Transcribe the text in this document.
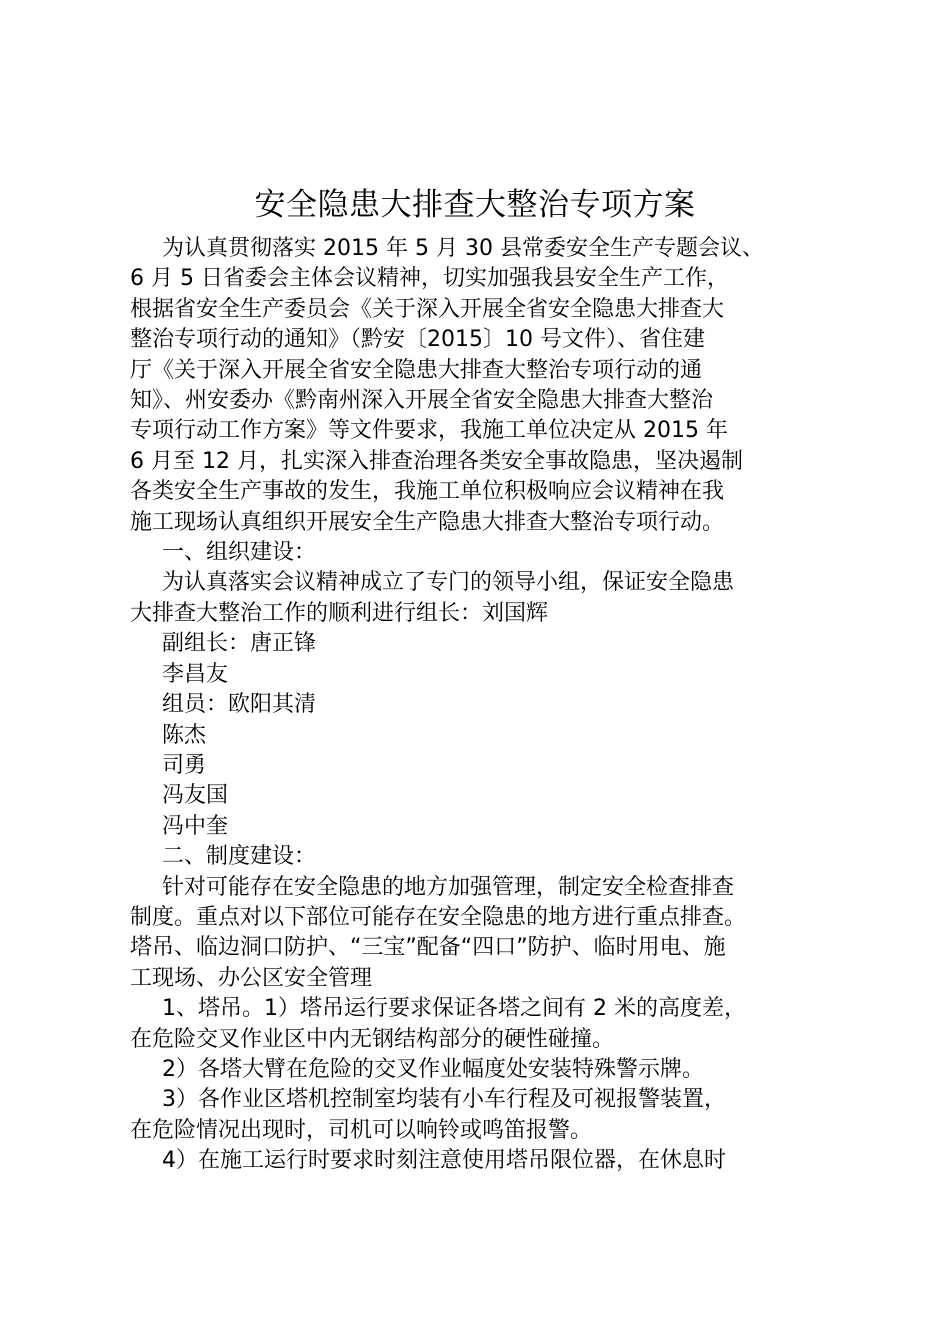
安全隐患大排查大整治专项方案

为认真贯彻落实 2015 年 5 月 30 县常委安全生产专题会议、

6 月 5 日省委会主体会议精神，切实加强我县安全生产工作，

根据省安全生产委员会《关于深入开展全省安全隐患大排查大

整治专项行动的通知》（黔安〔2015〕10 号文件）、省住建

厅《关于深入开展全省安全隐患大排查大整治专项行动的通

知》、州安委办《黔南州深入开展全省安全隐患大排查大整治

专项行动工作方案》等文件要求，我施工单位决定从 2015 年

6 月至 12 月，扎实深入排查治理各类安全事故隐患，坚决遏制

各类安全生产事故的发生，我施工单位积极响应会议精神在我

施工现场认真组织开展安全生产隐患大排查大整治专项行动。

一、组织建设：

为认真落实会议精神成立了专门的领导小组，保证安全隐患

大排查大整治工作的顺利进行组长：刘国辉

副组长：唐正锋

李昌友

组员：欧阳其清

陈杰

司勇

冯友国

冯中奎

二、制度建设：

针对可能存在安全隐患的地方加强管理，制定安全检查排查

制度。重点对以下部位可能存在安全隐患的地方进行重点排查。

塔吊、临边洞口防护、“三宝”配备“四口”防护、临时用电、施

工现场、办公区安全管理

1、塔吊。1）塔吊运行要求保证各塔之间有 2 米的高度差，

在危险交叉作业区中内无钢结构部分的硬性碰撞。

2）各塔大臂在危险的交叉作业幅度处安装特殊警示牌。

3）各作业区塔机控制室均装有小车行程及可视报警装置，

在危险情况出现时，司机可以响铃或鸣笛报警。

4）在施工运行时要求时刻注意使用塔吊限位器，在休息时
